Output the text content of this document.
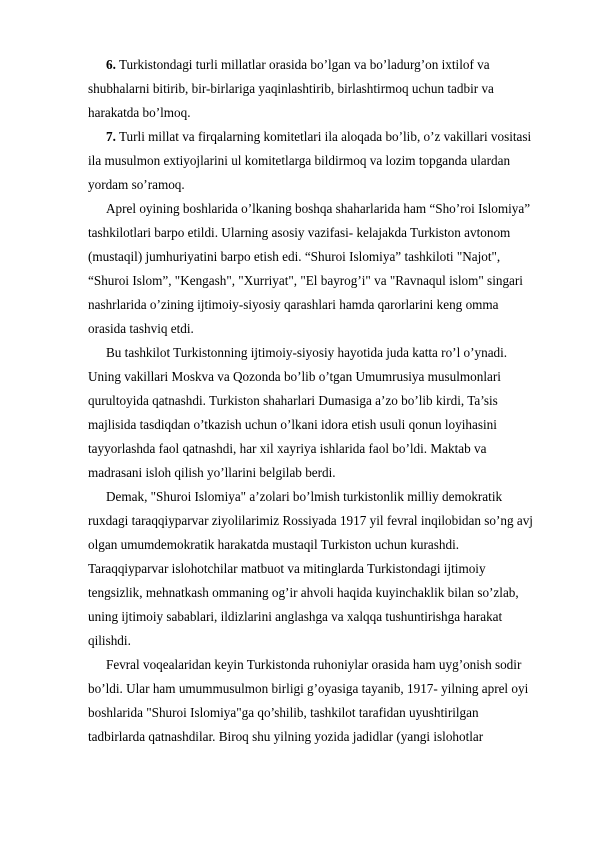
6. Turkistondagi turli millatlar orasida bo’lgan va bo’ladurg’on ixtilof va
shubhalarni bitirib, bir-birlariga yaqinlashtirib, birlashtirmoq uchun tadbir va
harakatda bo’lmoq.

7. Turli millat va firqalarning komitetlari ila aloqada bo’lib, o’z vakillari vositasi
ila musulmon extiyojlarini ul komitetlarga bildirmoq va lozim topganda ulardan
yordam so’ramoq.

Aprel oyining boshlarida o’lkaning boshqa shaharlarida ham “Sho’roi Islomiya”
tashkilotlari barpo etildi. Ularning asosiy vazifasi- kelajakda Turkiston avtonom
(mustaqil) jumhuriyatini barpo etish edi. “Shuroi Islomiya” tashkiloti "Najot",
“Shuroi Islom”, "Kengash", "Xurriyat", "El bayrog’i" va "Ravnaqul islom" singari
nashrlarida o’zining ijtimoiy-siyosiy qarashlari hamda qarorlarini keng omma
orasida tashviq etdi.

Bu tashkilot Turkistonning ijtimoiy-siyosiy hayotida juda katta ro’l o’ynadi.
Uning vakillari Moskva va Qozonda bo’lib o’tgan Umumrusiya musulmonlari
qurultoyida qatnashdi. Turkiston shaharlari Dumasiga a’zo bo’lib kirdi, Ta’sis
majlisida tasdiqdan o’tkazish uchun o’lkani idora etish usuli qonun loyihasini
tayyorlashda faol qatnashdi, har xil xayriya ishlarida faol bo’ldi. Maktab va
madrasani isloh qilish yo’llarini belgilab berdi.

Demak, "Shuroi Islomiya" a’zolari bo’lmish turkistonlik milliy demokratik
ruxdagi taraqqiyparvar ziyolilarimiz Rossiyada 1917 yil fevral inqilobidan so’ng avj
olgan umumdemokratik harakatda mustaqil Turkiston uchun kurashdi.
Taraqqiyparvar islohotchilar matbuot va mitinglarda Turkistondagi ijtimoiy
tengsizlik, mehnatkash ommaning og’ir ahvoli haqida kuyinchaklik bilan so’zlab,
uning ijtimoiy sabablari, ildizlarini anglashga va xalqqa tushuntirishga harakat
qilishdi.

Fevral voqealaridan keyin Turkistonda ruhoniylar orasida ham uyg’onish sodir
bo’ldi. Ular ham umummusulmon birligi g’oyasiga tayanib, 1917- yilning aprel oyi
boshlarida "Shuroi Islomiya"ga qo’shilib, tashkilot tarafidan uyushtirilgan
tadbirlarda qatnashdilar. Biroq shu yilning yozida jadidlar (yangi islohotlar
